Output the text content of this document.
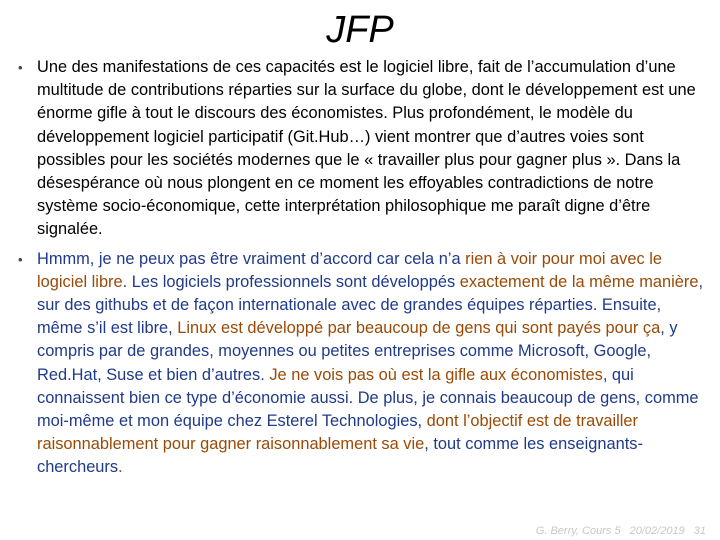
JFP
• Une des manifestations de ces capacités est le logiciel libre, fait de l’accumulation d’une multitude de contributions réparties sur la surface du globe, dont le développement est une énorme gifle à tout le discours des économistes. Plus profondément, le modèle du développement logiciel participatif (Git.Hub…) vient montrer que d’autres voies sont possibles pour les sociétés modernes que le « travailler plus pour gagner plus ». Dans la désespérance où nous plongent en ce moment les effoyables contradictions de notre système socio-économique, cette interprétation philosophique me paraît digne d’être signalée.
• Hmmm, je ne peux pas être vraiment d’accord car cela n’a rien à voir pour moi avec le logiciel libre. Les logiciels professionnels sont développés exactement de la même manière, sur des githubs et de façon internationale avec de grandes équipes réparties. Ensuite, même s’il est libre, Linux est développé par beaucoup de gens qui sont payés pour ça, y compris par de grandes, moyennes ou petites entreprises comme Microsoft, Google, Red.Hat, Suse et bien d’autres. Je ne vois pas où est la gifle aux économistes, qui connaissent bien ce type d’économie aussi. De plus, je connais beaucoup de gens, comme moi-même et mon équipe chez Esterel Technologies, dont l’objectif est de travailler raisonnablement pour gagner raisonnablement sa vie, tout comme les enseignants-chercheurs.
G. Berry, Cours 5 20/02/2019 31
